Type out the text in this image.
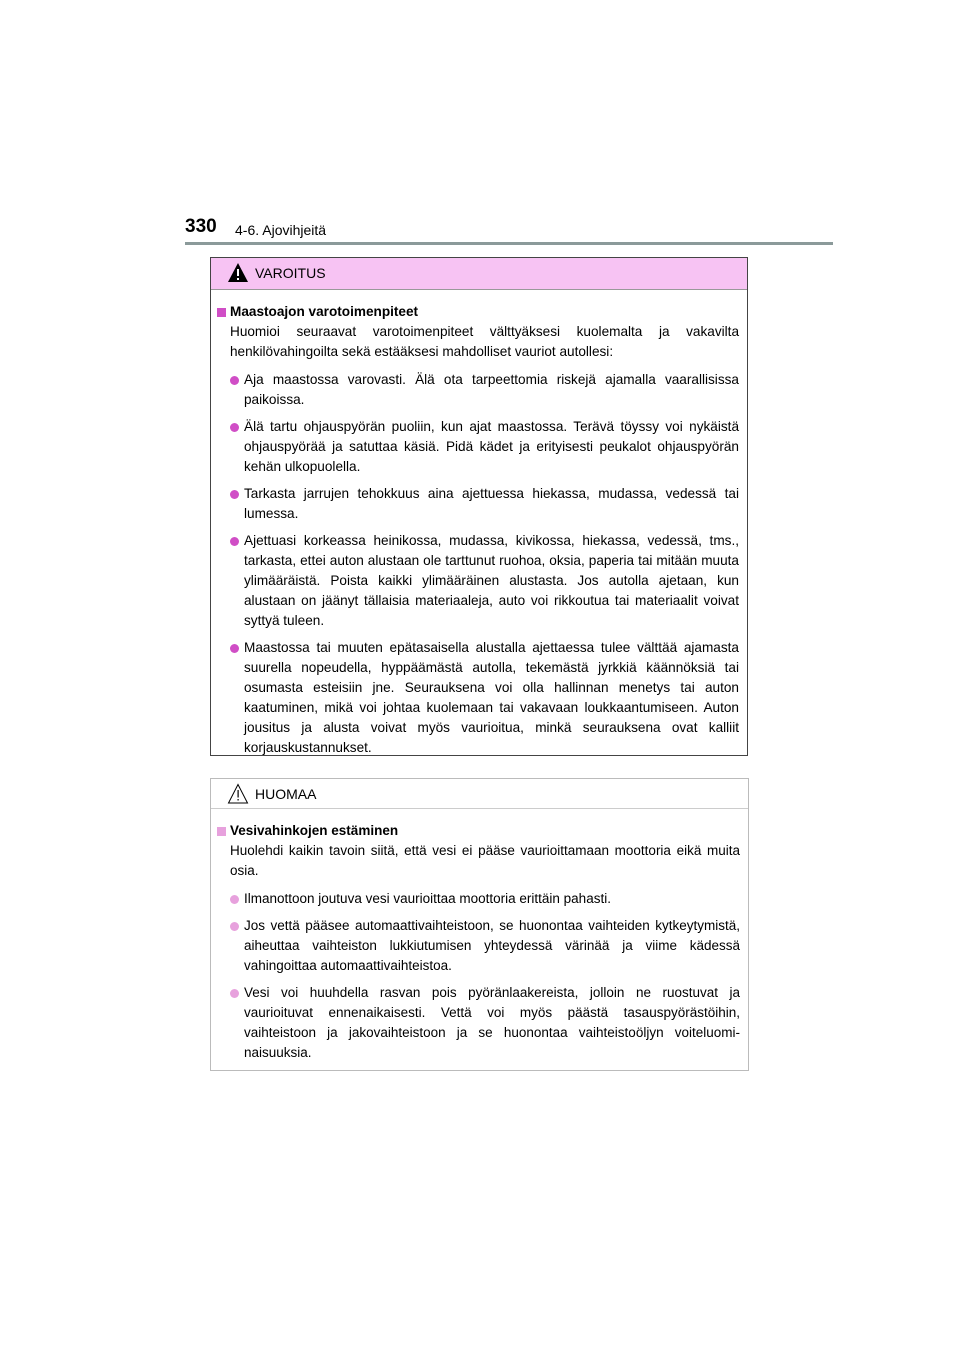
330 4-6. Ajovihjeitä
VAROITUS
Maastoajon varotoimenpiteet

Huomioi seuraavat varotoimenpiteet välttyäksesi kuolemalta ja vakavilta henkilövahingoilta sekä estääksesi mahdolliset vauriot autollesi:

Aja maastossa varovasti. Älä ota tarpeettomia riskejä ajamalla vaarallisissa paikoissa.
Älä tartu ohjauspyörän puoliin, kun ajat maastossa. Terävä töyssy voi nykäistä ohjauspyörää ja satuttaa käsiä. Pidä kädet ja erityisesti peukalot ohjauspyörän kehän ulkopuolella.
Tarkasta jarrujen tehokkuus aina ajettuessa hiekassa, mudassa, vedessä tai lumessa.
Ajettuasi korkeassa heinikossa, mudassa, kivikossa, hiekassa, vedessä, tms., tarkasta, ettei auton alustaan ole tarttunut ruohoa, oksia, paperia tai mitään muuta ylimääräistä. Poista kaikki ylimääräinen alustasta. Jos autolla ajetaan, kun alustaan on jäänyt tällaisia materiaaleja, auto voi rikkoutua tai materiaalit voivat syttyä tuleen.
Maastossa tai muuten epätasaisella alustalla ajettaessa tulee välttää ajamasta suurella nopeudella, hyppäämästä autolla, tekemästä jyrkkiä käännöksiä tai osumasta esteisiin jne. Seurauksena voi olla hallinnan menetys tai auton kaatuminen, mikä voi johtaa kuolemaan tai vakavaan loukkaantumiseen. Auton jousitus ja alusta voivat myös vaurioitua, minkä seurauksena ovat kalliit korjauskustannukset.
HUOMAA
Vesivahinkojen estäminen

Huolehdi kaikin tavoin siitä, että vesi ei pääse vaurioittamaan moottoria eikä muita osia.

Ilmanottoon joutuva vesi vaurioittaa moottoria erittäin pahasti.
Jos vettä pääsee automaattivaihteistoon, se huonontaa vaihteiden kytkeytymistä, aiheuttaa vaihteiston lukkiutumisen yhteydessä värinää ja viime kädessä vahingoittaa automaattivaihteistoa.
Vesi voi huuhdella rasvan pois pyöränlaakereista, jolloin ne ruostuvat ja vaurioituvat ennenaikaisesti. Vettä voi myös päästä tasauspyörästöihin, vaihteistoon ja jakovaihteistoon ja se huonontaa vaihteistoöljyn voiteluominaisuuksia.
